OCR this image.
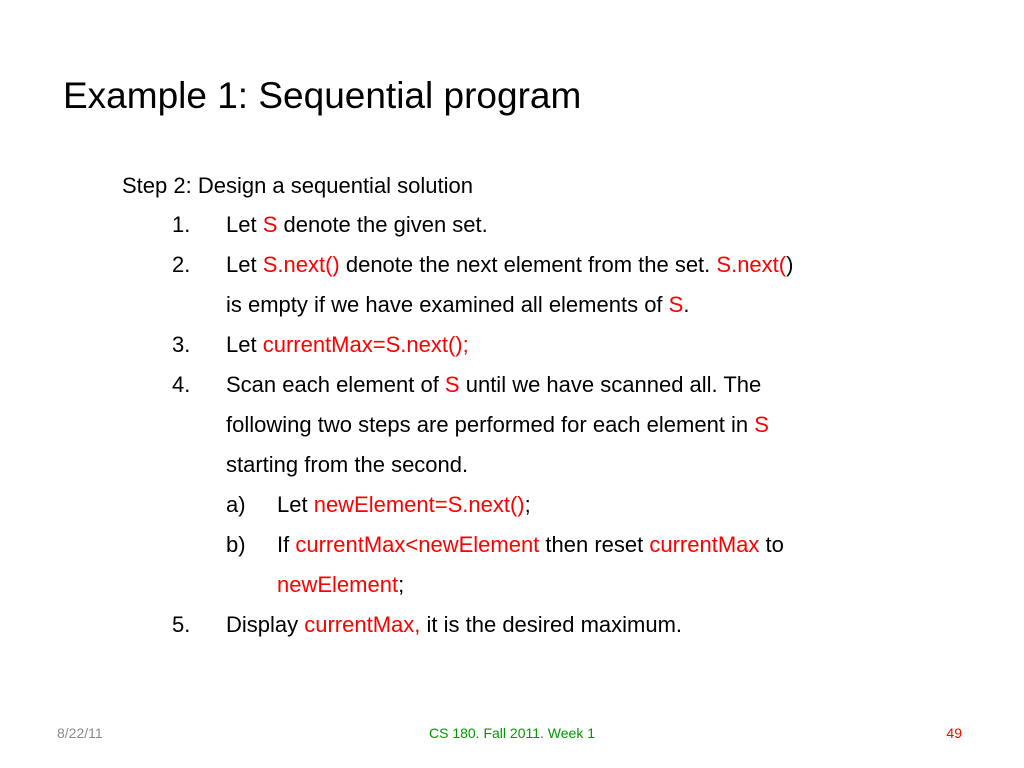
Example 1: Sequential program
Step 2: Design a sequential solution
1. Let S denote the given set.
2. Let S.next() denote the next element from the set. S.next()
is empty if we have examined all elements of S.
3. Let currentMax=S.next();
4. Scan each element of S until we have scanned all. The
following two steps are performed for each element in S
starting from the second.
a) Let newElement=S.next();
b) If currentMax<newElement then reset currentMax to
newElement;
5. Display currentMax, it is the desired maximum.
8/22/11	CS 180. Fall 2011. Week 1	49
